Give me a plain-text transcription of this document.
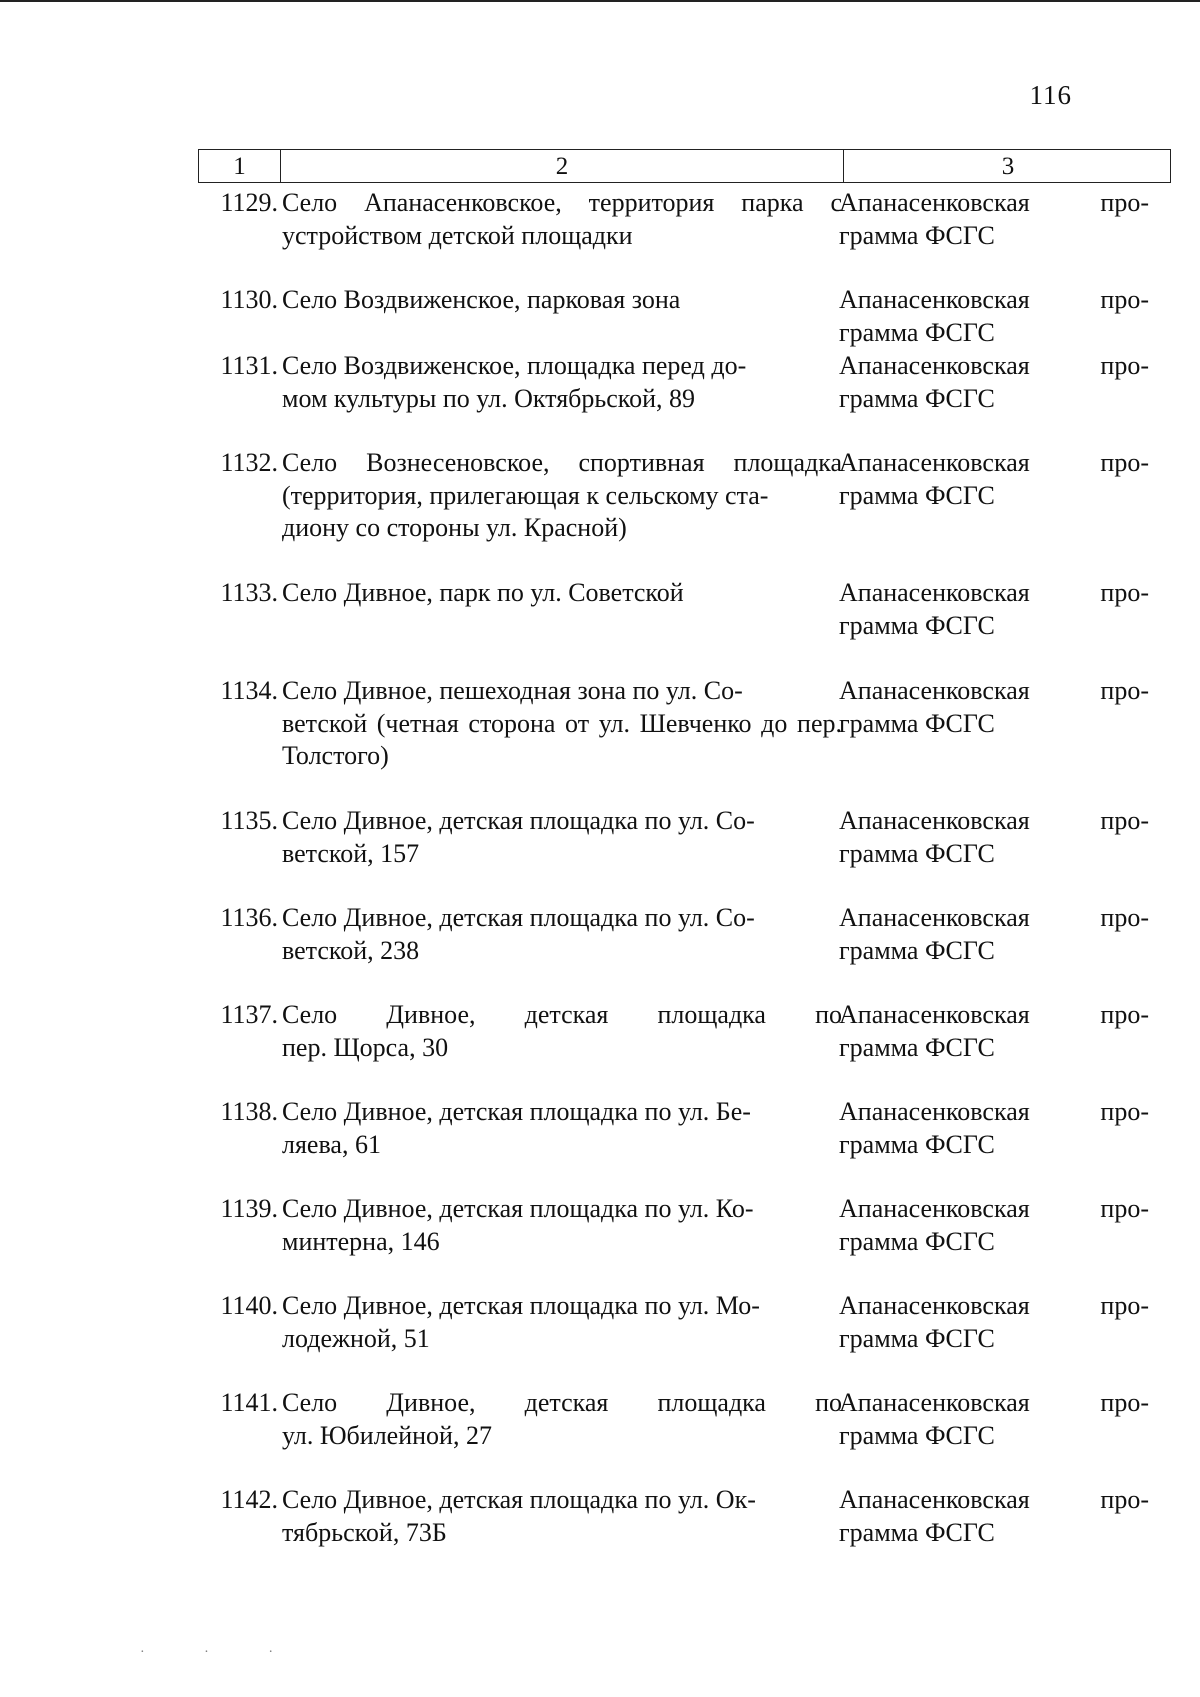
116
1	2	3
1129. Село Апанасенковское, территория парка с устройством детской площадки
Апанасенковская	про-
грамма ФСГС
1130. Село Воздвиженское, парковая зона	Апанасенковская	про-
грамма ФСГС
1131. Село Воздвиженское, площадка перед до-
мом культуры по ул. Октябрьской, 89
Апанасенковская	про-
грамма ФСГС
1132. Село Вознесеновское, спортивная площадка (территория, прилегающая к сельскому ста-
диону со стороны ул. Красной)
Апанасенковская	про-
грамма ФСГС
1133. Село Дивное, парк по ул. Советской	Апанасенковская	про-
грамма ФСГС
1134. Село Дивное, пешеходная зона по ул. Со-
ветской (четная сторона от ул. Шевченко до пер. Толстого)
Апанасенковская	про-
грамма ФСГС
1135. Село Дивное, детская площадка по ул. Со-
ветской, 157
Апанасенковская	про-
грамма ФСГС
1136. Село Дивное, детская площадка по ул. Со-
ветской, 238
Апанасенковская	про-
грамма ФСГС
1137. Село Дивное, детская площадка по
пер. Щорса, 30
Апанасенковская	про-
грамма ФСГС
1138. Село Дивное, детская площадка по ул. Бе-
ляева, 61
Апанасенковская	про-
грамма ФСГС
1139. Село Дивное, детская площадка по ул. Ко-
минтерна, 146
Апанасенковская	про-
грамма ФСГС
1140. Село Дивное, детская площадка по ул. Мо-
лодежной, 51
Апанасенковская	про-
грамма ФСГС
1141. Село Дивное, детская площадка по
ул. Юбилейной, 27
Апанасенковская	про-
грамма ФСГС
1142. Село Дивное, детская площадка по ул. Ок-
тябрьской, 73Б
Апанасенковская	про-
грамма ФСГС
· · ·
